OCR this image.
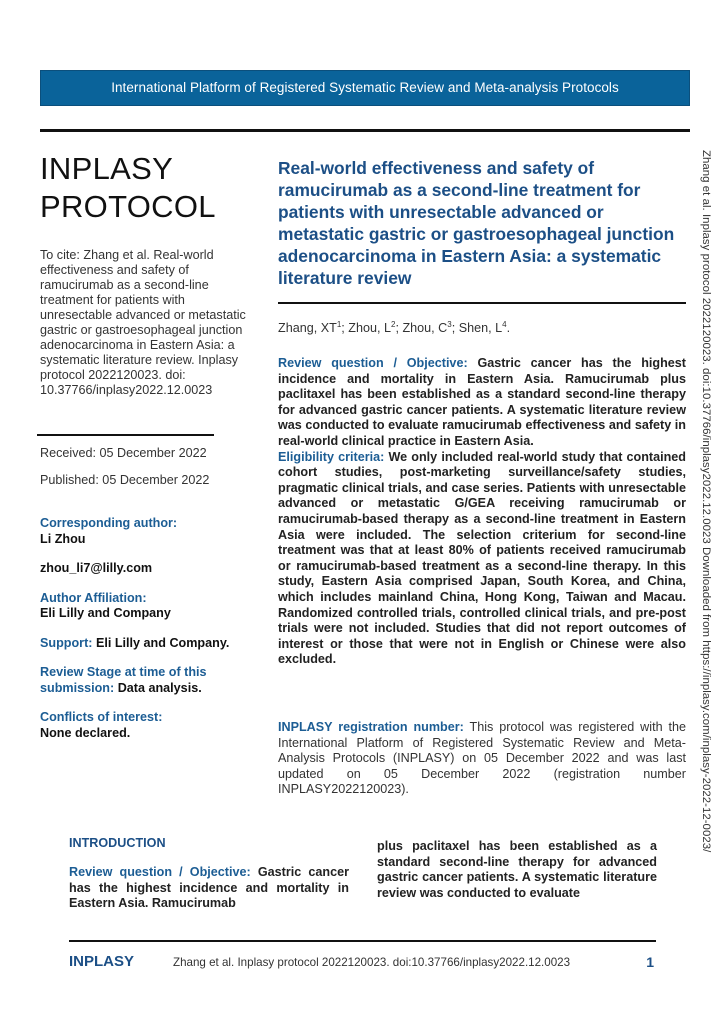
International Platform of Registered Systematic Review and Meta-analysis Protocols
INPLASY
PROTOCOL
To cite: Zhang et al. Real-world effectiveness and safety of ramucirumab as a second-line treatment for patients with unresectable advanced or metastatic gastric or gastroesophageal junction adenocarcinoma in Eastern Asia: a systematic literature review. Inplasy protocol 2022120023. doi: 10.37766/inplasy2022.12.0023
Received: 05 December 2022
Published: 05 December 2022
Corresponding author:
Li Zhou
zhou_li7@lilly.com
Author Affiliation:
Eli Lilly and Company
Support: Eli Lilly and Company.
Review Stage at time of this submission: Data analysis.
Conflicts of interest:
None declared.
Real-world effectiveness and safety of ramucirumab as a second-line treatment for patients with unresectable advanced or metastatic gastric or gastroesophageal junction adenocarcinoma in Eastern Asia: a systematic literature review
Zhang, $XT^1$; Zhou, $L^2$; Zhou, $C^3$; Shen, $L^4$.

Review question / Objective: Gastric cancer has the highest incidence and mortality in Eastern Asia. Ramucirumab plus paclitaxel has been established as a standard second-line therapy for advanced gastric cancer patients. A systematic literature review was conducted to evaluate ramucirumab effectiveness and safety in real-world clinical practice in Eastern Asia.

Eligibility criteria: We only included real-world study that contained cohort studies, post-marketing surveillance/safety studies, pragmatic clinical trials, and case series. Patients with unresectable advanced or metastatic G/GEA receiving ramucirumab or ramucirumab-based therapy as a second-line treatment in Eastern Asia were included. The selection criterium for second-line treatment was that at least 80% of patients received ramucirumab or ramucirumab-based treatment as a second-line therapy. In this study, Eastern Asia comprised Japan, South Korea, and China, which includes mainland China, Hong Kong, Taiwan and Macau. Randomized controlled trials, controlled clinical trials, and pre-post trials were not included. Studies that did not report outcomes of interest or those that were not in English or Chinese were also excluded.

INPLASY registration number: This protocol was registered with the International Platform of Registered Systematic Review and Meta-Analysis Protocols (INPLASY) on 05 December 2022 and was last updated on 05 December 2022 (registration number INPLASY2022120023).
INTRODUCTION

Review question / Objective: Gastric cancer has the highest incidence and mortality in Eastern Asia. Ramucirumab

plus paclitaxel has been established as a standard second-line therapy for advanced gastric cancer patients. A systematic literature review was conducted to evaluate
INPLASY	Zhang et al. Inplasy protocol 2022120023. doi:10.37766/inplasy2022.12.0023	1
Zhang et al. Inplasy protocol 2022120023. doi:10.37766/inplasy2022.12.0023 Downloaded from https://inplasy.com/inplasy-2022-12-0023/
